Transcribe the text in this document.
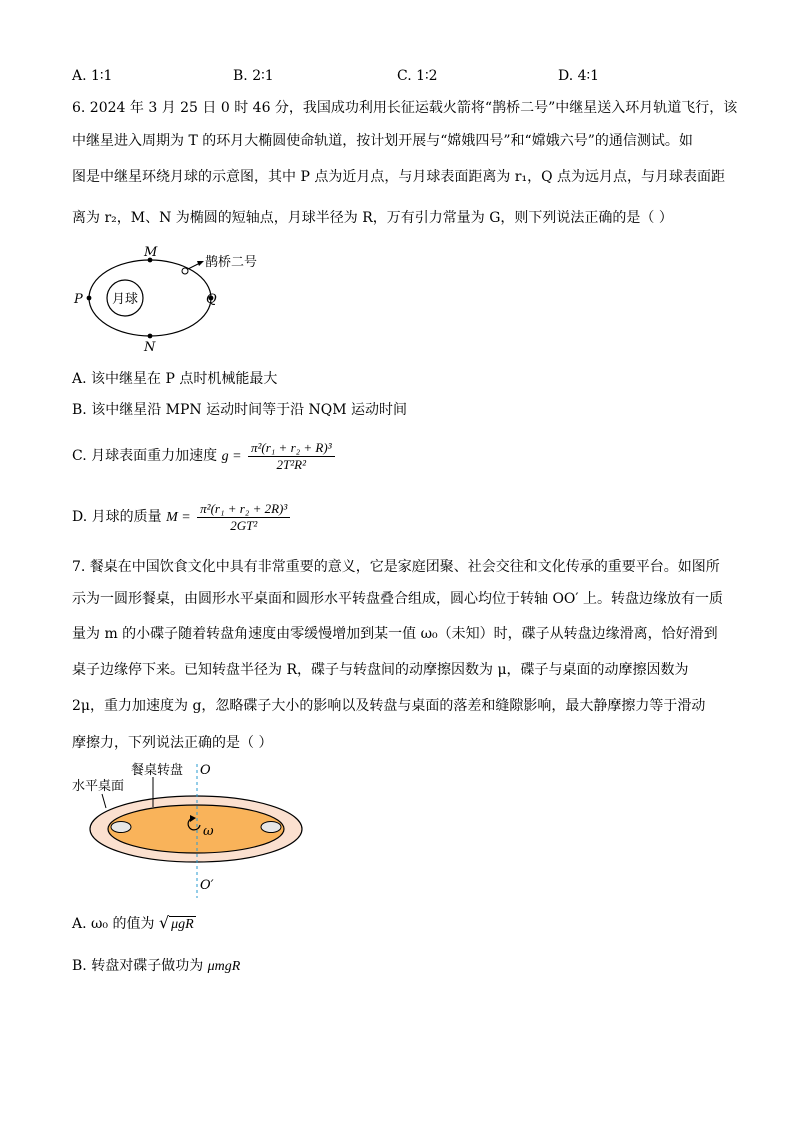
A. 1∶1	B. 2∶1	C. 1∶2	D. 4∶1
6. 2024 年 3 月 25 日 0 时 46 分，我国成功利用长征运载火箭将“鹊桥二号”中继星送入环月轨道飞行，该
中继星进入周期为 T 的环月大椭圆使命轨道，按计划开展与“嫦娥四号”和“嫦娥六号”的通信测试。如
图是中继星环绕月球的示意图，其中 P 点为近月点，与月球表面距离为 r₁，Q 点为远月点，与月球表面距
离为 r₂，M、N 为椭圆的短轴点，月球半径为 R，万有引力常量为 G，则下列说法正确的是（ ）
月球
P	Q
M
N
鹊桥二号
A. 该中继星在 P 点时机械能最大
B. 该中继星沿 MPN 运动时间等于沿 NQM 运动时间
C. 月球表面重力加速度 $g = \frac{\text{π²(r₁ + r₂ + R)³}}{\text{2T²R²}}$
D. 月球的质量 $M = \frac{\text{π²(r₁ + r₂ + 2R)³}}{\text{2GT²}}$
7. 餐桌在中国饮食文化中具有非常重要的意义，它是家庭团聚、社会交往和文化传承的重要平台。如图所
示为一圆形餐桌，由圆形水平桌面和圆形水平转盘叠合组成，圆心均位于转轴 OO′ 上。转盘边缘放有一质
量为 m 的小碟子随着转盘角速度由零缓慢增加到某一值 ω₀（未知）时，碟子从转盘边缘滑离，恰好滑到
桌子边缘停下来。已知转盘半径为 R，碟子与转盘间的动摩擦因数为 μ，碟子与桌面的动摩擦因数为
2μ，重力加速度为 g，忽略碟子大小的影响以及转盘与桌面的落差和缝隙影响，最大静摩擦力等于滑动
摩擦力，下列说法正确的是（ ）
ω
O
O′
餐桌转盘
水平桌面
A. ω₀ 的值为 √ μgR
B. 转盘对碟子做功为 μmgR
